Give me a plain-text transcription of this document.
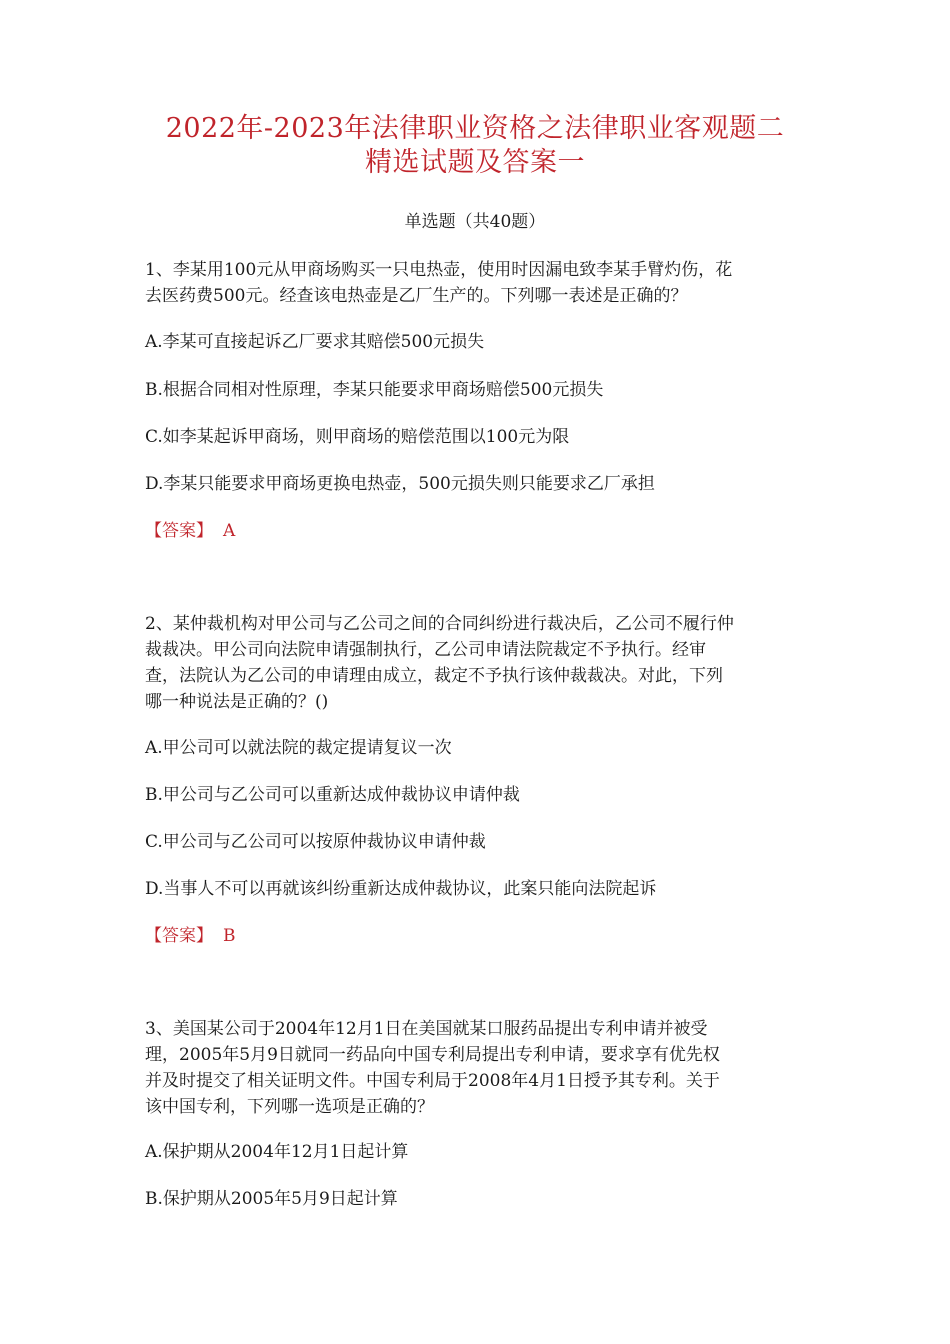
2022年-2023年法律职业资格之法律职业客观题二
精选试题及答案一
单选题（共40题）
1、李某用100元从甲商场购买一只电热壶，使用时因漏电致李某手臂灼伤，花
去医药费500元。经查该电热壶是乙厂生产的。下列哪一表述是正确的？
A.李某可直接起诉乙厂要求其赔偿500元损失
B.根据合同相对性原理，李某只能要求甲商场赔偿500元损失
C.如李某起诉甲商场，则甲商场的赔偿范围以100元为限
D.李某只能要求甲商场更换电热壶，500元损失则只能要求乙厂承担
【答案】 A
2、某仲裁机构对甲公司与乙公司之间的合同纠纷进行裁决后，乙公司不履行仲
裁裁决。甲公司向法院申请强制执行，乙公司申请法院裁定不予执行。经审
查，法院认为乙公司的申请理由成立，裁定不予执行该仲裁裁决。对此，下列
哪一种说法是正确的？()
A.甲公司可以就法院的裁定提请复议一次
B.甲公司与乙公司可以重新达成仲裁协议申请仲裁
C.甲公司与乙公司可以按原仲裁协议申请仲裁
D.当事人不可以再就该纠纷重新达成仲裁协议，此案只能向法院起诉
【答案】 B
3、美国某公司于2004年12月1日在美国就某口服药品提出专利申请并被受
理，2005年5月9日就同一药品向中国专利局提出专利申请，要求享有优先权
并及时提交了相关证明文件。中国专利局于2008年4月1日授予其专利。关于
该中国专利，下列哪一选项是正确的？
A.保护期从2004年12月1日起计算
B.保护期从2005年5月9日起计算
